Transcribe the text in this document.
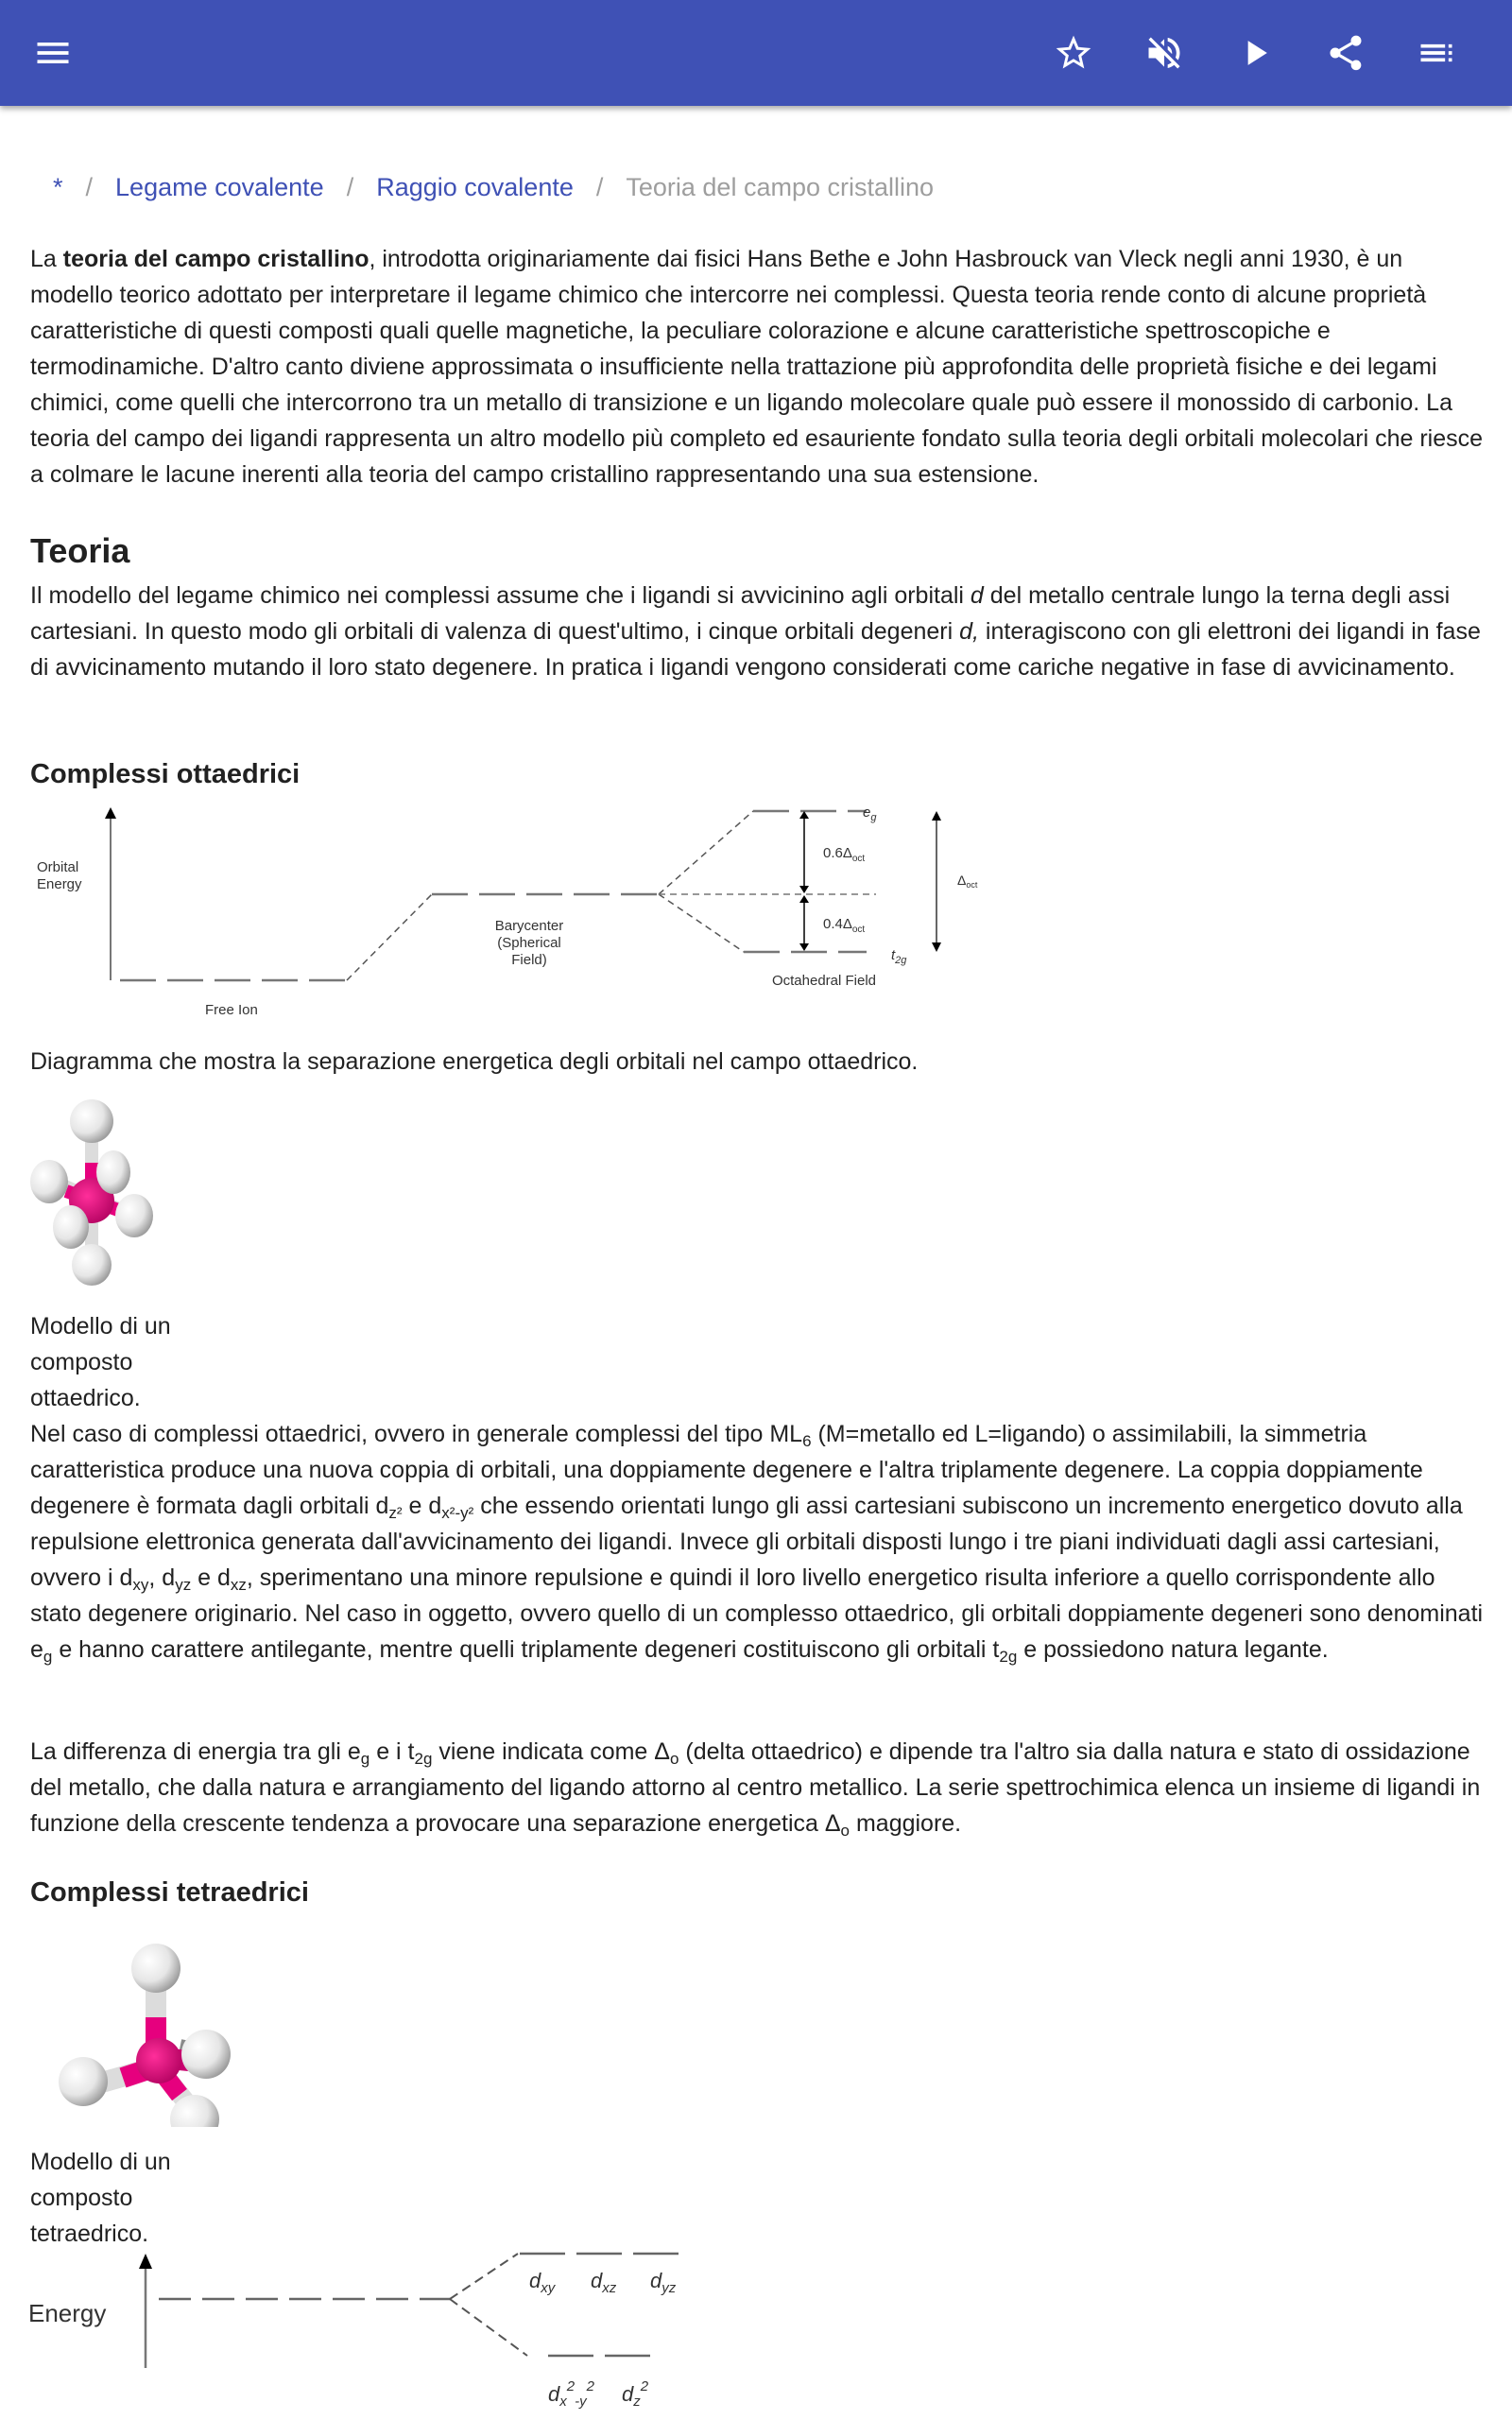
* / Legame covalente / Raggio covalente / Teoria del campo cristallino

La teoria del campo cristallino, introdotta originariamente dai fisici Hans Bethe e John Hasbrouck van Vleck negli anni 1930, è un modello teorico adottato per interpretare il legame chimico che intercorre nei complessi. Questa teoria rende conto di alcune proprietà caratteristiche di questi composti quali quelle magnetiche, la peculiare colorazione e alcune caratteristiche spettroscopiche e termodinamiche. D'altro canto diviene approssimata o insufficiente nella trattazione più approfondita delle proprietà fisiche e dei legami chimici, come quelli che intercorrono tra un metallo di transizione e un ligando molecolare quale può essere il monossido di carbonio. La teoria del campo dei ligandi rappresenta un altro modello più completo ed esauriente fondato sulla teoria degli orbitali molecolari che riesce a colmare le lacune inerenti alla teoria del campo cristallino rappresentando una sua estensione.

Teoria

Il modello del legame chimico nei complessi assume che i ligandi si avvicinino agli orbitali d del metallo centrale lungo la terna degli assi cartesiani. In questo modo gli orbitali di valenza di quest'ultimo, i cinque orbitali degeneri d, interagiscono con gli elettroni dei ligandi in fase di avvicinamento mutando il loro stato degenere. In pratica i ligandi vengono considerati come cariche negative in fase di avvicinamento.

Complessi ottaedrici
Orbital
Energy
Free Ion
Barycenter
(Spherical
Field)
$e_g$
$t_{2g}$
$0.6\Delta_{oct}$
$0.4\Delta_{oct}$
$\Delta_{oct}$
Octahedral Field

Diagramma che mostra la separazione energetica degli orbitali nel campo ottaedrico.

Modello di un
composto
ottaedrico.

Nel caso di complessi ottaedrici, ovvero in generale complessi del tipo $ML_6$ (M=metallo ed L=ligando) o assimilabili, la simmetria caratteristica produce una nuova coppia di orbitali, una doppiamente degenere e l'altra triplamente degenere. La coppia doppiamente degenere è formata dagli orbitali $d_{z^2}$ e $d_{x^2-y^2}$ che essendo orientati lungo gli assi cartesiani subiscono un incremento energetico dovuto alla repulsione elettronica generata dall'avvicinamento dei ligandi. Invece gli orbitali disposti lungo i tre piani individuati dagli assi cartesiani, ovvero i $d_{xy}$, $d_{yz}$ e $d_{xz}$, sperimentano una minore repulsione e quindi il loro livello energetico risulta inferiore a quello corrispondente allo stato degenere originario. Nel caso in oggetto, ovvero quello di un complesso ottaedrico, gli orbitali doppiamente degeneri sono denominati $e_g$ e hanno carattere antilegante, mentre quelli triplamente degeneri costituiscono gli orbitali $t_{2g}$ e possiedono natura legante.

La differenza di energia tra gli $e_g$ e i $t_{2g}$ viene indicata come $\Delta_o$ (delta ottaedrico) e dipende tra l'altro sia dalla natura e stato di ossidazione del metallo, che dalla natura e arrangiamento del ligando attorno al centro metallico. La serie spettrochimica elenca un insieme di ligandi in funzione della crescente tendenza a provocare una separazione energetica $\Delta_o$ maggiore.

Complessi tetraedrici
Modello di un
composto
tetraedrico.
Energy
$d_{xy}$ $d_{xz}$ $d_{yz}$
$d_x^2_{-y}^2$ $d_z^2$
